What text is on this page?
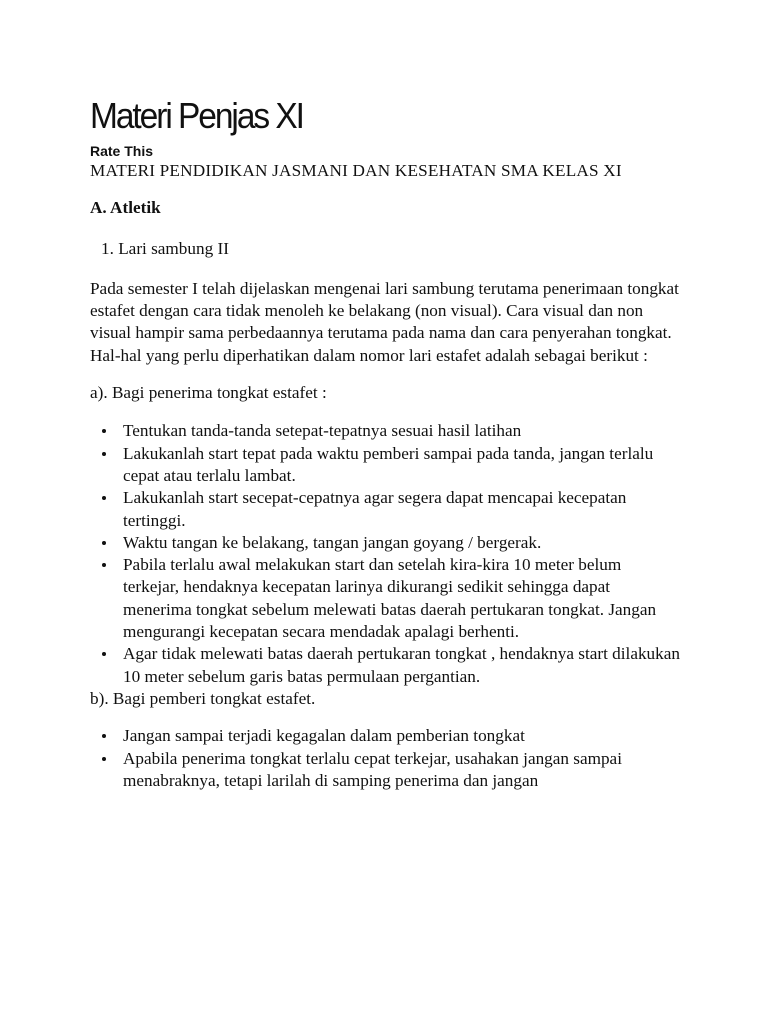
Materi Penjas XI
Rate This

MATERI PENDIDIKAN JASMANI DAN KESEHATAN SMA KELAS XI

A. Atletik

1. Lari sambung II

Pada semester I telah dijelaskan mengenai lari sambung terutama penerimaan tongkat estafet dengan cara tidak menoleh ke belakang (non visual). Cara visual dan non visual hampir sama perbedaannya terutama pada nama dan cara penyerahan tongkat.

Hal-hal yang perlu diperhatikan dalam nomor lari estafet adalah sebagai berikut :

a). Bagi penerima tongkat estafet :

Tentukan tanda-tanda setepat-tepatnya sesuai hasil latihan
Lakukanlah start tepat pada waktu pemberi sampai pada tanda, jangan terlalu cepat atau terlalu lambat.
Lakukanlah start secepat-cepatnya agar segera dapat mencapai kecepatan tertinggi.
Waktu tangan ke belakang, tangan jangan goyang / bergerak.
Pabila terlalu awal melakukan start dan setelah kira-kira 10 meter belum terkejar, hendaknya kecepatan larinya dikurangi sedikit sehingga dapat menerima tongkat sebelum melewati batas daerah pertukaran tongkat. Jangan mengurangi kecepatan secara mendadak apalagi berhenti.
Agar tidak melewati batas daerah pertukaran tongkat , hendaknya start dilakukan 10 meter sebelum garis batas permulaan pergantian.

b). Bagi pemberi tongkat estafet.

Jangan sampai terjadi kegagalan dalam pemberian tongkat
Apabila penerima tongkat terlalu cepat terkejar, usahakan jangan sampai menabraknya, tetapi larilah di samping penerima dan jangan
